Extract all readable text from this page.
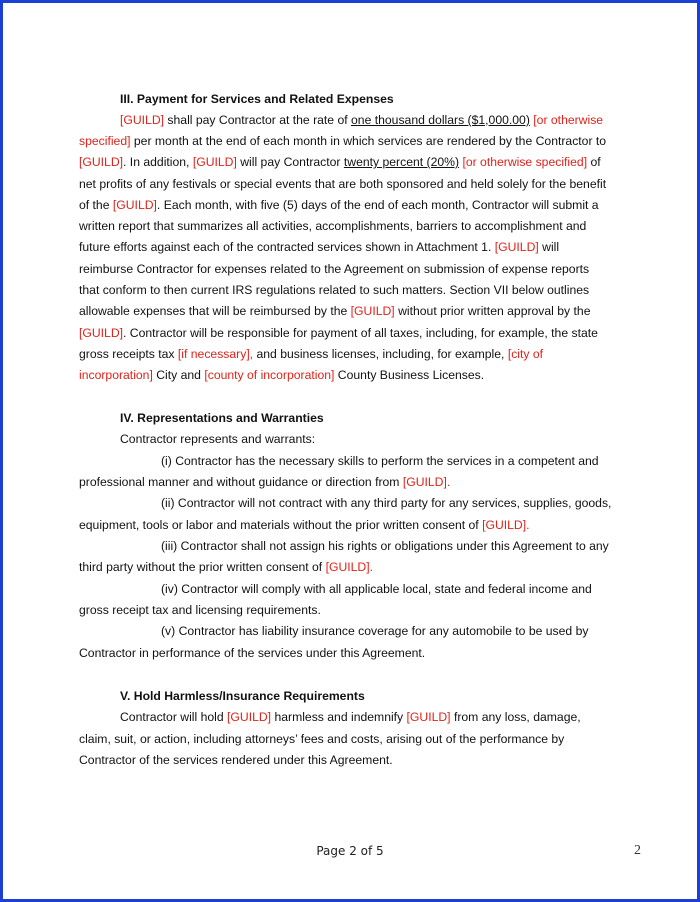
III. Payment for Services and Related Expenses
[GUILD] shall pay Contractor at the rate of one thousand dollars ($1,000.00) [or otherwise
specified] per month at the end of each month in which services are rendered by the Contractor to
[GUILD]. In addition, [GUILD] will pay Contractor twenty percent (20%) [or otherwise specified] of
net profits of any festivals or special events that are both sponsored and held solely for the benefit
of the [GUILD]. Each month, with five (5) days of the end of each month, Contractor will submit a
written report that summarizes all activities, accomplishments, barriers to accomplishment and
future efforts against each of the contracted services shown in Attachment 1. [GUILD] will
reimburse Contractor for expenses related to the Agreement on submission of expense reports
that conform to then current IRS regulations related to such matters. Section VII below outlines
allowable expenses that will be reimbursed by the [GUILD] without prior written approval by the
[GUILD]. Contractor will be responsible for payment of all taxes, including, for example, the state
gross receipts tax [if necessary], and business licenses, including, for example, [city of
incorporation] City and [county of incorporation] County Business Licenses.
IV. Representations and Warranties
Contractor represents and warrants:
(i) Contractor has the necessary skills to perform the services in a competent and
professional manner and without guidance or direction from [GUILD].
(ii) Contractor will not contract with any third party for any services, supplies, goods,
equipment, tools or labor and materials without the prior written consent of [GUILD].
(iii) Contractor shall not assign his rights or obligations under this Agreement to any
third party without the prior written consent of [GUILD].
(iv) Contractor will comply with all applicable local, state and federal income and
gross receipt tax and licensing requirements.
(v) Contractor has liability insurance coverage for any automobile to be used by
Contractor in performance of the services under this Agreement.
V. Hold Harmless/Insurance Requirements
Contractor will hold [GUILD] harmless and indemnify [GUILD] from any loss, damage,
claim, suit, or action, including attorneys’ fees and costs, arising out of the performance by
Contractor of the services rendered under this Agreement.
Page 2 of 5	2
